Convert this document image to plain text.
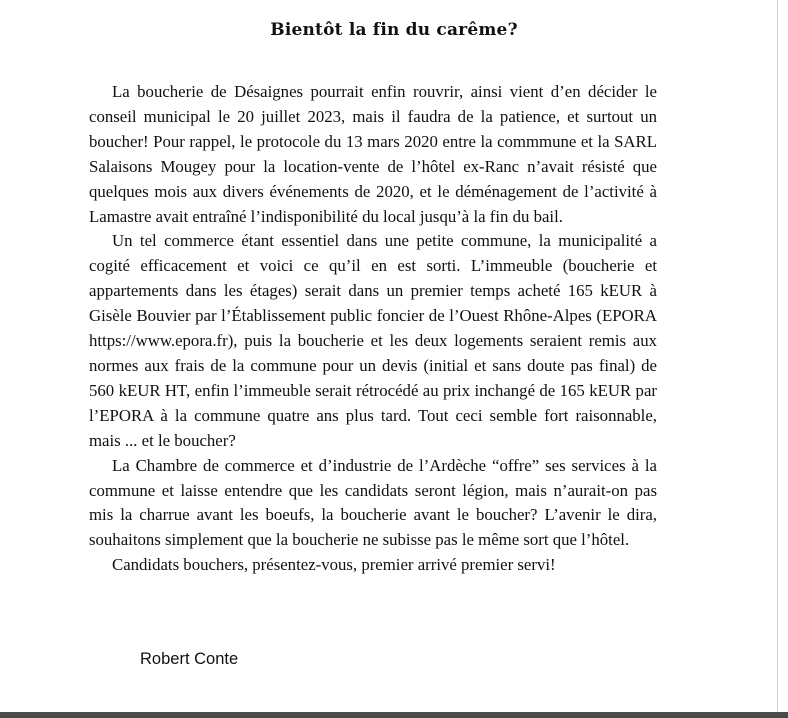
Bientôt la fin du carême?

La boucherie de Désaignes pourrait enfin rouvrir, ainsi vient d’en décider le conseil municipal le 20 juillet 2023, mais il faudra de la patience, et surtout un boucher! Pour rappel, le protocole du 13 mars 2020 entre la commmune et la SARL Salaisons Mougey pour la location-vente de l’hôtel ex-Ranc n’avait résisté que quelques mois aux divers événements de 2020, et le déménagement de l’activité à Lamastre avait entraîné l’indisponibilité du local jusqu’à la fin du bail.

Un tel commerce étant essentiel dans une petite commune, la municipalité a cogité efficacement et voici ce qu’il en est sorti. L’immeuble (boucherie et appartements dans les étages) serait dans un premier temps acheté 165 kEUR à Gisèle Bouvier par l’Établissement public foncier de l’Ouest Rhône-Alpes (EPORA https://www.epora.fr), puis la boucherie et les deux logements seraient remis aux normes aux frais de la commune pour un devis (initial et sans doute pas final) de 560 kEUR HT, enfin l’immeuble serait rétrocédé au prix inchangé de 165 kEUR par l’EPORA à la commune quatre ans plus tard. Tout ceci semble fort raisonnable, mais ... et le boucher?

La Chambre de commerce et d’industrie de l’Ardèche “offre” ses services à la commune et laisse entendre que les candidats seront légion, mais n’aurait-on pas mis la charrue avant les boeufs, la boucherie avant le boucher? L’avenir le dira, souhaitons simplement que la boucherie ne subisse pas le même sort que l’hôtel.

Candidats bouchers, présentez-vous, premier arrivé premier servi!

Robert Conte
